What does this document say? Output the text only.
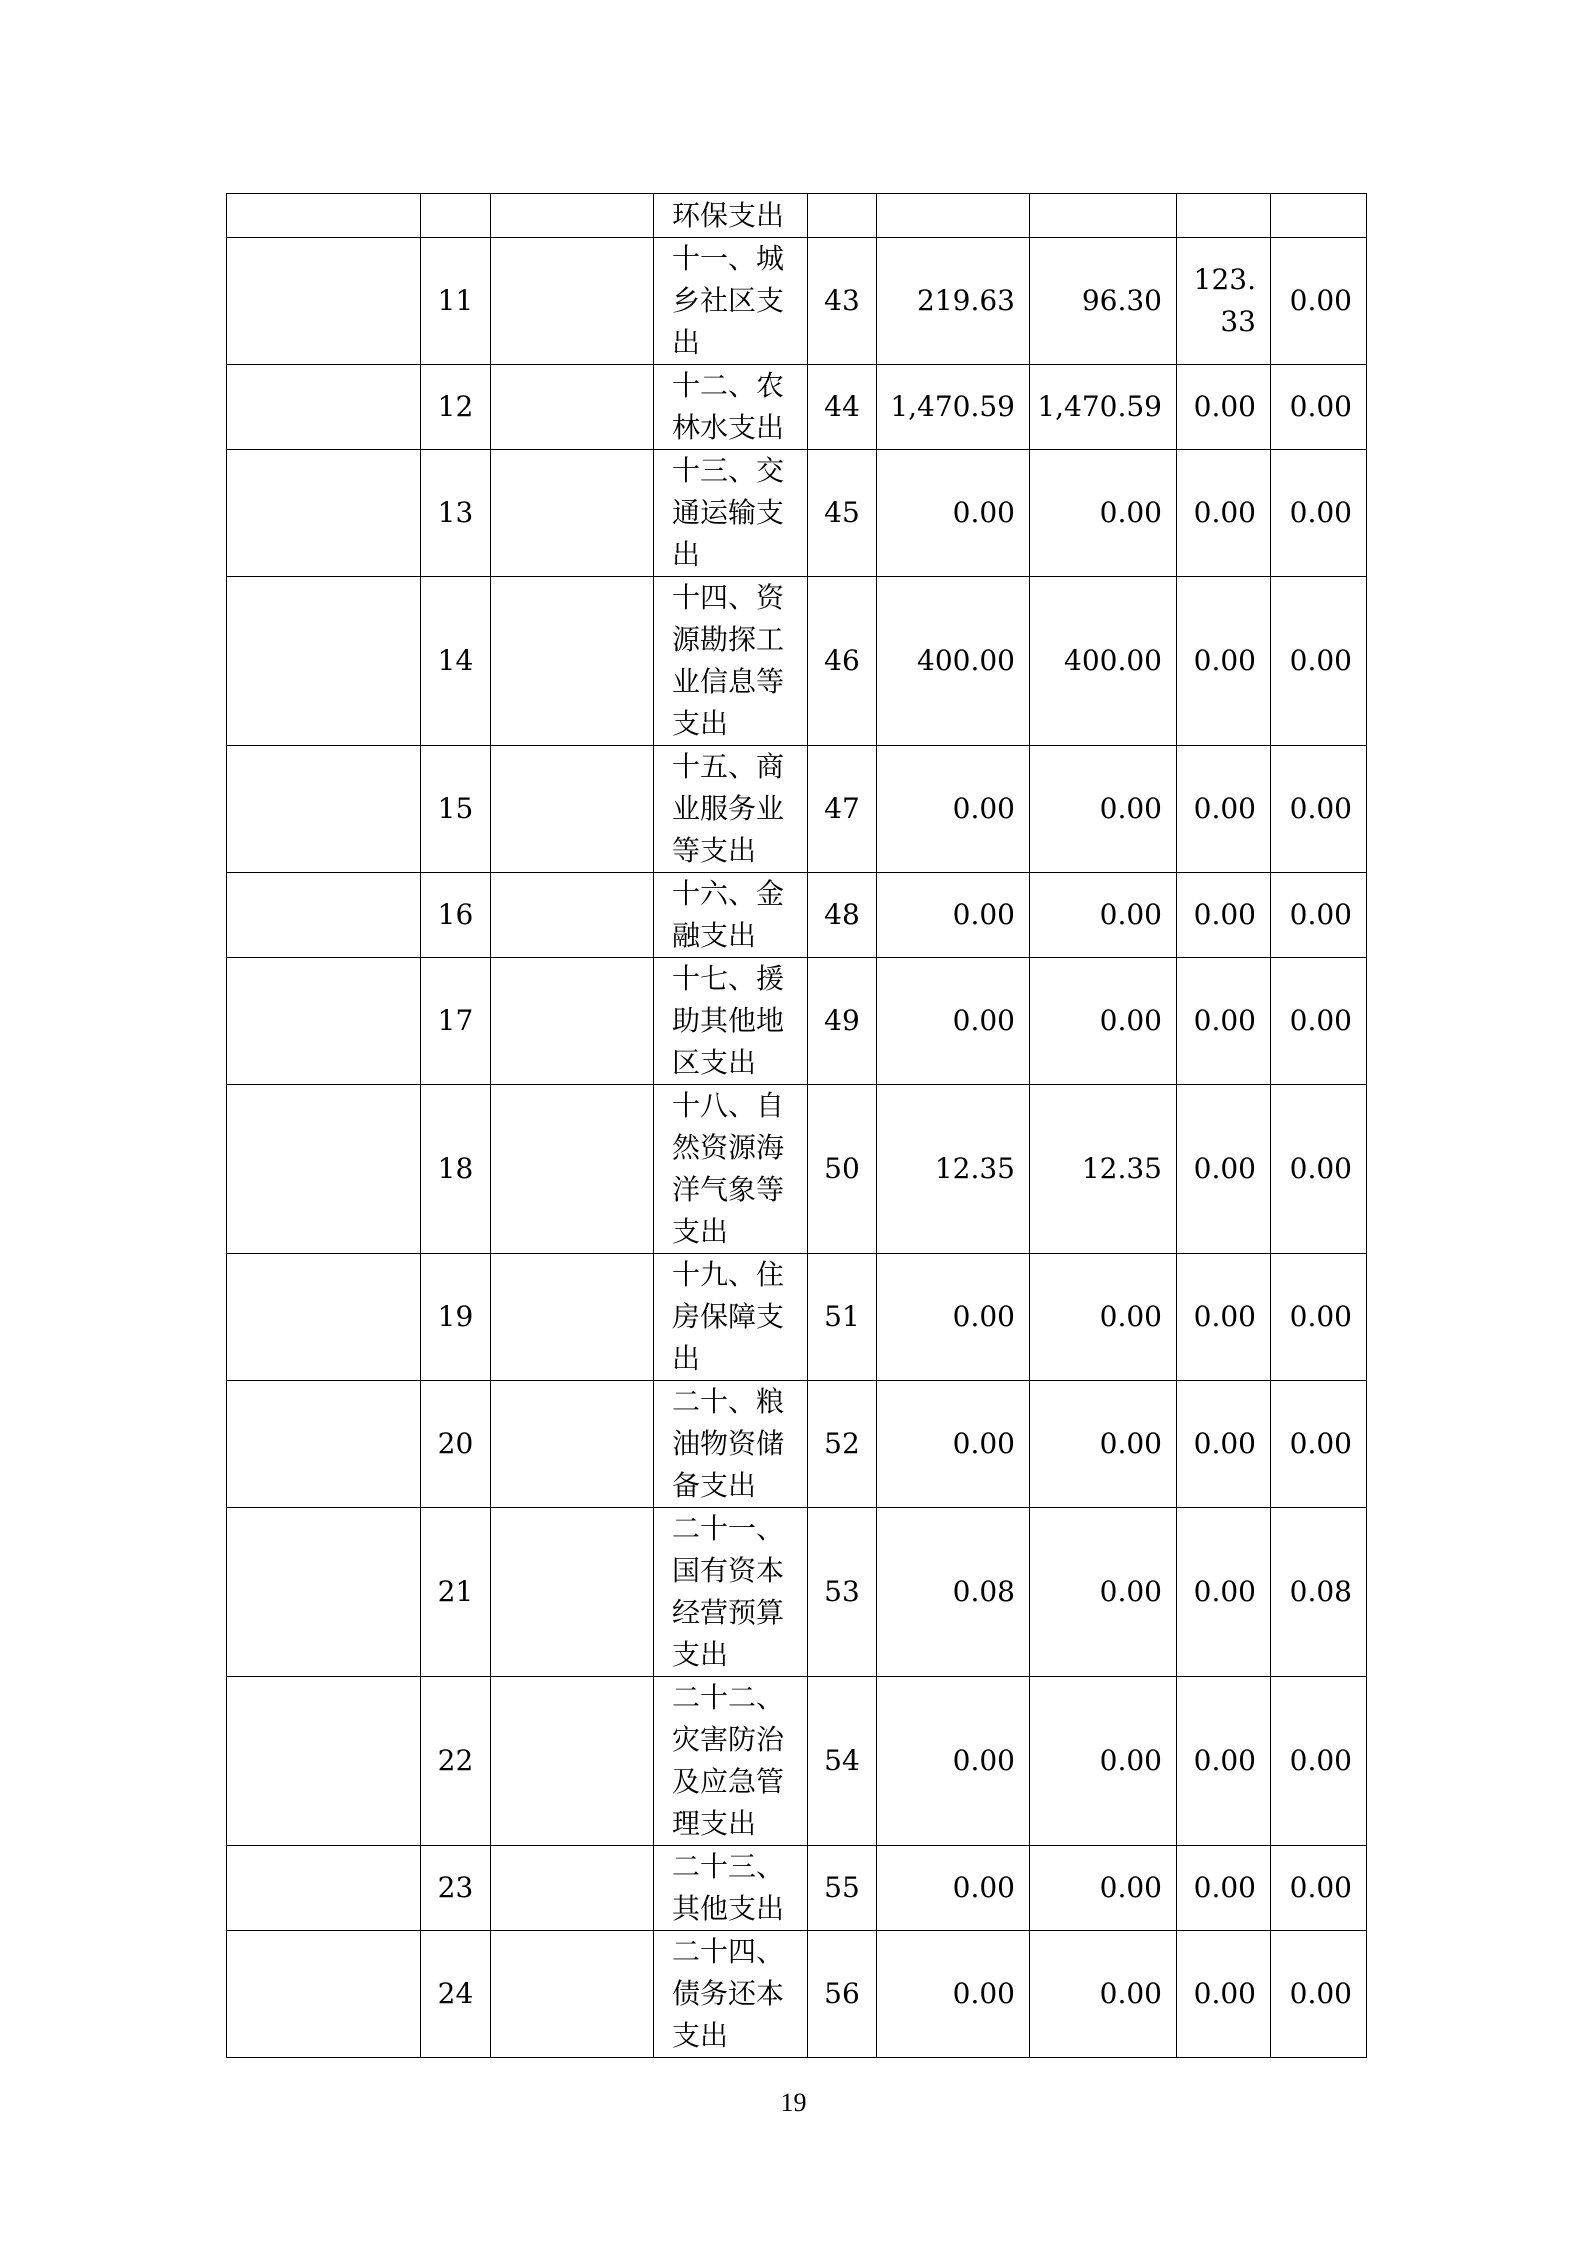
			环保支出					
	11		十一、城乡社区支出	43	219.63	96.30	123.33	0.00
	12		十二、农林水支出	44	1,470.59	1,470.59	0.00	0.00
	13		十三、交通运输支出	45	0.00	0.00	0.00	0.00
	14		十四、资源勘探工业信息等支出	46	400.00	400.00	0.00	0.00
	15		十五、商业服务业等支出	47	0.00	0.00	0.00	0.00
	16		十六、金融支出	48	0.00	0.00	0.00	0.00
	17		十七、援助其他地区支出	49	0.00	0.00	0.00	0.00
	18		十八、自然资源海洋气象等支出	50	12.35	12.35	0.00	0.00
	19		十九、住房保障支出	51	0.00	0.00	0.00	0.00
	20		二十、粮油物资储备支出	52	0.00	0.00	0.00	0.00
	21		二十一、国有资本经营预算支出	53	0.08	0.00	0.00	0.08
	22		二十二、灾害防治及应急管理支出	54	0.00	0.00	0.00	0.00
	23		二十三、其他支出	55	0.00	0.00	0.00	0.00
	24		二十四、债务还本支出	56	0.00	0.00	0.00	0.00
19
